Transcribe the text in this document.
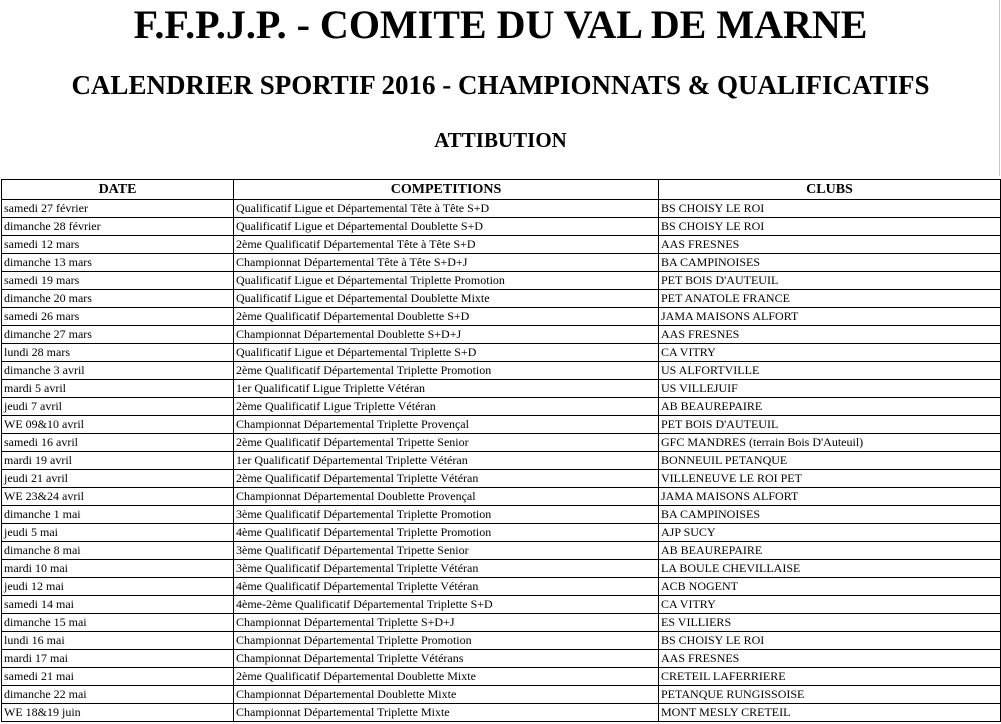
F.F.P.J.P. - COMITE DU VAL DE MARNE
CALENDRIER SPORTIF 2016 - CHAMPIONNATS & QUALIFICATIFS
ATTIBUTION
DATE	COMPETITIONS	CLUBS
samedi 27 février	Qualificatif Ligue et Départemental Tête à Tête S+D	BS CHOISY LE ROI
dimanche 28 février	Qualificatif Ligue et Départemental Doublette S+D	BS CHOISY LE ROI
samedi 12 mars	2ème Qualificatif Départemental Tête à Tête S+D	AAS FRESNES
dimanche 13 mars	Championnat Départemental Tête à Tête S+D+J	BA CAMPINOISES
samedi 19 mars	Qualificatif Ligue et Départemental Triplette Promotion	PET BOIS D'AUTEUIL
dimanche 20 mars	Qualificatif Ligue et Départemental Doublette Mixte	PET ANATOLE FRANCE
samedi 26 mars	2ème Qualificatif Départemental Doublette S+D	JAMA MAISONS ALFORT
dimanche 27 mars	Championnat Départemental Doublette S+D+J	AAS FRESNES
lundi 28 mars	Qualificatif Ligue et Départemental Triplette S+D	CA VITRY
dimanche 3 avril	2ème Qualificatif Départemental Triplette Promotion	US ALFORTVILLE
mardi 5 avril	1er Qualificatif Ligue Triplette Vétéran	US VILLEJUIF
jeudi 7 avril	2ème Qualificatif Ligue Triplette Vétéran	AB BEAUREPAIRE
WE 09&10 avril	Championnat Départemental Triplette Provençal	PET BOIS D'AUTEUIL
samedi 16 avril	2ème Qualificatif Départemental Tripette Senior	GFC MANDRES (terrain Bois D'Auteuil)
mardi 19 avril	1er Qualificatif Départemental Triplette Vétéran	BONNEUIL PETANQUE
jeudi 21 avril	2ème Qualificatif Départemental Triplette Vétéran	VILLENEUVE LE ROI PET
WE 23&24 avril	Championnat Départemental Doublette Provençal	JAMA MAISONS ALFORT
dimanche 1 mai	3ème Qualificatif Départemental Triplette Promotion	BA CAMPINOISES
jeudi 5 mai	4ème Qualificatif Départemental Triplette Promotion	AJP SUCY
dimanche 8 mai	3ème Qualificatif Départemental Tripette Senior	AB BEAUREPAIRE
mardi 10 mai	3ème Qualificatif Départemental Triplette Vétéran	LA BOULE CHEVILLAISE
jeudi 12 mai	4ème Qualificatif Départemental Triplette Vétéran	ACB NOGENT
samedi 14 mai	4ème-2ème Qualificatif Départemental Triplette S+D	CA VITRY
dimanche 15 mai	Championnat Départemental Triplette S+D+J	ES VILLIERS
lundi 16 mai	Championnat Départemental Triplette Promotion	BS CHOISY LE ROI
mardi 17 mai	Championnat Départemental Triplette Vétérans	AAS FRESNES
samedi 21 mai	2ème Qualificatif Départemental Doublette Mixte	CRETEIL LAFERRIERE
dimanche 22 mai	Championnat Départemental Doublette Mixte	PETANQUE RUNGISSOISE
WE 18&19 juin	Championnat Départemental Triplette Mixte	MONT MESLY CRETEIL
